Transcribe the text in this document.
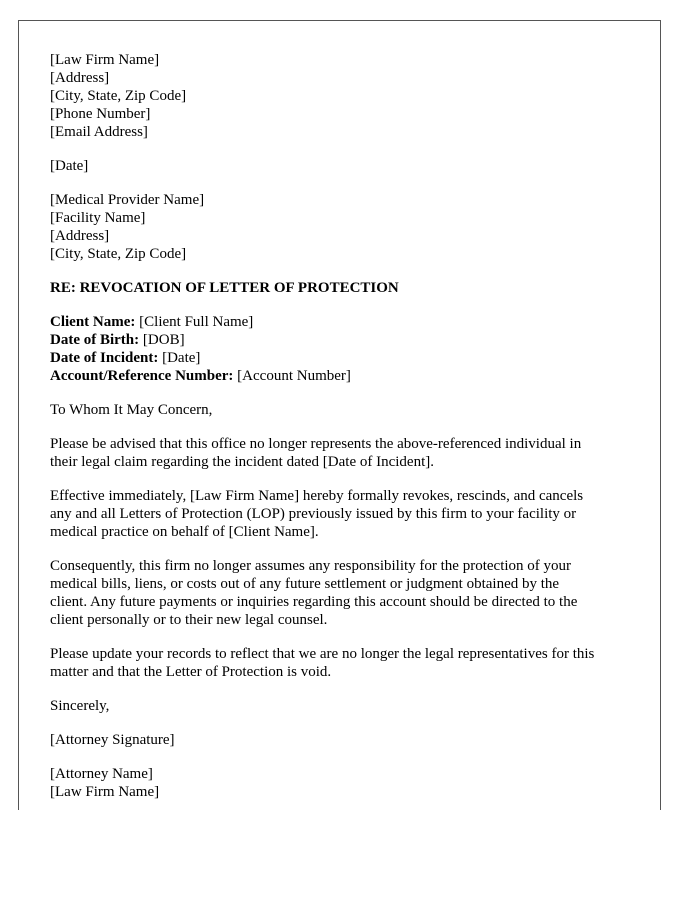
[Law Firm Name]
[Address]
[City, State, Zip Code]
[Phone Number]
[Email Address]
[Date]
[Medical Provider Name]
[Facility Name]
[Address]
[City, State, Zip Code]
RE: REVOCATION OF LETTER OF PROTECTION
Client Name: [Client Full Name]
Date of Birth: [DOB]
Date of Incident: [Date]
Account/Reference Number: [Account Number]

To Whom It May Concern,

Please be advised that this office no longer represents the above-referenced individual in
their legal claim regarding the incident dated [Date of Incident].

Effective immediately, [Law Firm Name] hereby formally revokes, rescinds, and cancels
any and all Letters of Protection (LOP) previously issued by this firm to your facility or
medical practice on behalf of [Client Name].

Consequently, this firm no longer assumes any responsibility for the protection of your
medical bills, liens, or costs out of any future settlement or judgment obtained by the
client. Any future payments or inquiries regarding this account should be directed to the
client personally or to their new legal counsel.

Please update your records to reflect that we are no longer the legal representatives for this
matter and that the Letter of Protection is void.

Sincerely,

[Attorney Signature]

[Attorney Name]
[Law Firm Name]
